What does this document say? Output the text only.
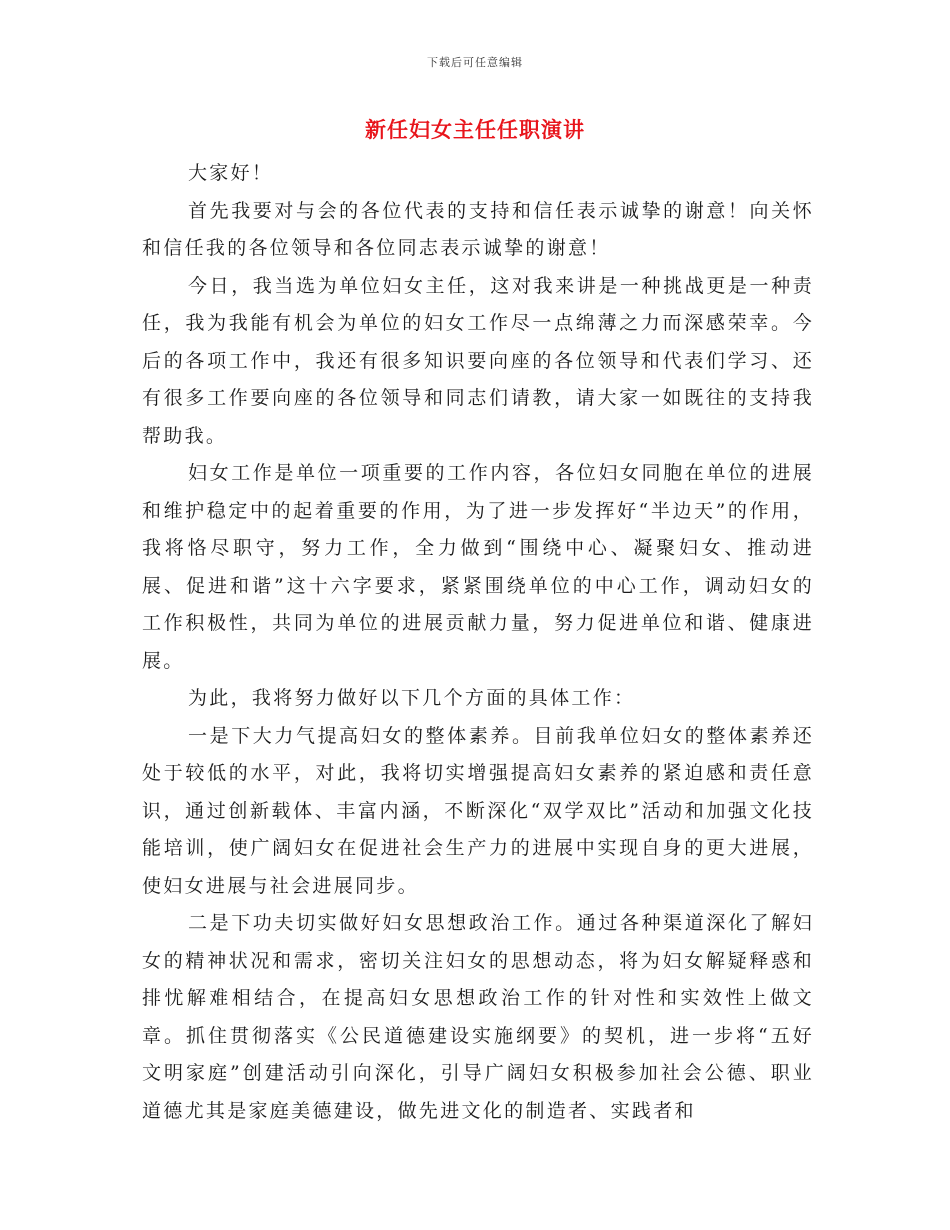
下载后可任意编辑
新任妇女主任任职演讲

大家好！

首先我要对与会的各位代表的支持和信任表示诚挚的谢意！向关怀和信任我的各位领导和各位同志表示诚挚的谢意！

今日，我当选为单位妇女主任，这对我来讲是一种挑战更是一种责任，我为我能有机会为单位的妇女工作尽一点绵薄之力而深感荣幸。今后的各项工作中，我还有很多知识要向座的各位领导和代表们学习、还有很多工作要向座的各位领导和同志们请教，请大家一如既往的支持我帮助我。

妇女工作是单位一项重要的工作内容，各位妇女同胞在单位的进展和维护稳定中的起着重要的作用，为了进一步发挥好“半边天”的作用，我将恪尽职守，努力工作，全力做到“围绕中心、凝聚妇女、推动进展、促进和谐”这十六字要求，紧紧围绕单位的中心工作，调动妇女的工作积极性，共同为单位的进展贡献力量，努力促进单位和谐、健康进展。

为此，我将努力做好以下几个方面的具体工作：

一是下大力气提高妇女的整体素养。目前我单位妇女的整体素养还处于较低的水平，对此，我将切实增强提高妇女素养的紧迫感和责任意识，通过创新载体、丰富内涵，不断深化“双学双比”活动和加强文化技能培训，使广阔妇女在促进社会生产力的进展中实现自身的更大进展，使妇女进展与社会进展同步。

二是下功夫切实做好妇女思想政治工作。通过各种渠道深化了解妇女的精神状况和需求，密切关注妇女的思想动态，将为妇女解疑释惑和排忧解难相结合，在提高妇女思想政治工作的针对性和实效性上做文章。抓住贯彻落实《公民道德建设实施纲要》的契机，进一步将“五好文明家庭”创建活动引向深化，引导广阔妇女积极参加社会公德、职业道德尤其是家庭美德建设，做先进文化的制造者、实践者和
